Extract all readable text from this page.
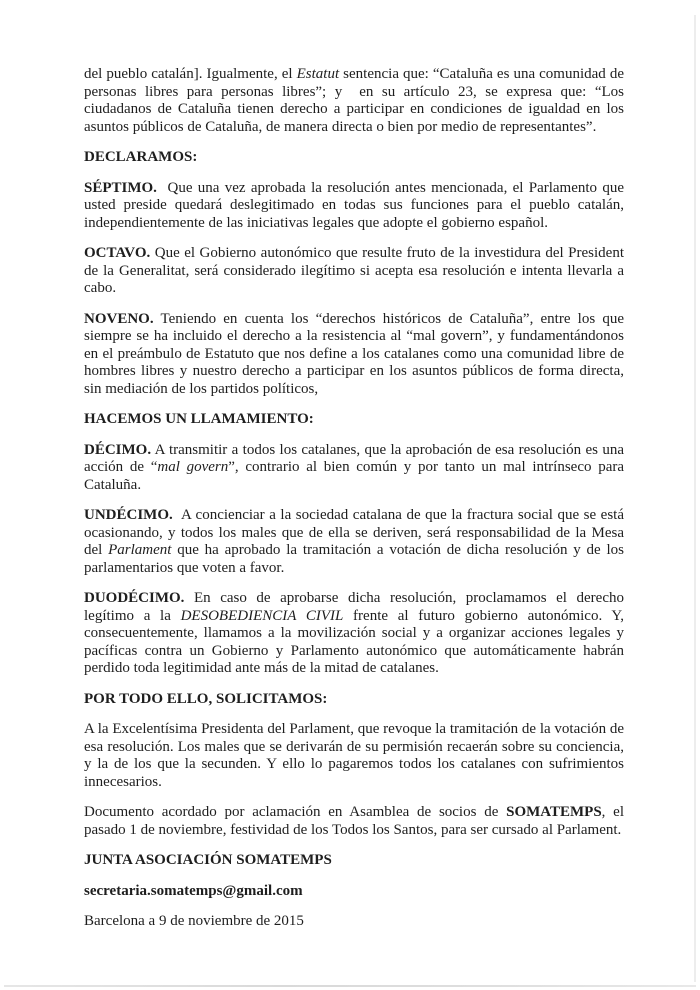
del pueblo catalán]. Igualmente, el Estatut sentencia que: “Cataluña es una comunidad de personas libres para personas libres”; y  en su artículo 23, se expresa que: “Los ciudadanos de Cataluña tienen derecho a participar en condiciones de igualdad en los asuntos públicos de Cataluña, de manera directa o bien por medio de representantes”.

DECLARAMOS:

SÉPTIMO.  Que una vez aprobada la resolución antes mencionada, el Parlamento que usted preside quedará deslegitimado en todas sus funciones para el pueblo catalán, independientemente de las iniciativas legales que adopte el gobierno español.

OCTAVO. Que el Gobierno autonómico que resulte fruto de la investidura del President de la Generalitat, será considerado ilegítimo si acepta esa resolución e intenta llevarla a cabo.

NOVENO. Teniendo en cuenta los “derechos históricos de Cataluña”, entre los que siempre se ha incluido el derecho a la resistencia al “mal govern”, y fundamentándonos en el preámbulo de Estatuto que nos define a los catalanes como una comunidad libre de hombres libres y nuestro derecho a participar en los asuntos públicos de forma directa, sin mediación de los partidos políticos,

HACEMOS UN LLAMAMIENTO:

DÉCIMO. A transmitir a todos los catalanes, que la aprobación de esa resolución es una acción de “mal govern”, contrario al bien común y por tanto un mal intrínseco para Cataluña.

UNDÉCIMO.  A concienciar a la sociedad catalana de que la fractura social que se está ocasionando, y todos los males que de ella se deriven, será responsabilidad de la Mesa del Parlament que ha aprobado la tramitación a votación de dicha resolución y de los parlamentarios que voten a favor.

DUODÉCIMO. En caso de aprobarse dicha resolución, proclamamos el derecho legítimo a la DESOBEDIENCIA CIVIL frente al futuro gobierno autonómico. Y, consecuentemente, llamamos a la movilización social y a organizar acciones legales y pacíficas contra un Gobierno y Parlamento autonómico que automáticamente habrán perdido toda legitimidad ante más de la mitad de catalanes.

POR TODO ELLO, SOLICITAMOS:

A la Excelentísima Presidenta del Parlament, que revoque la tramitación de la votación de esa resolución. Los males que se derivarán de su permisión recaerán sobre su conciencia, y la de los que la secunden. Y ello lo pagaremos todos los catalanes con sufrimientos innecesarios.

Documento acordado por aclamación en Asamblea de socios de SOMATEMPS, el pasado 1 de noviembre, festividad de los Todos los Santos, para ser cursado al Parlament.

JUNTA ASOCIACIÓN SOMATEMPS

secretaria.somatemps@gmail.com

Barcelona a 9 de noviembre de 2015
